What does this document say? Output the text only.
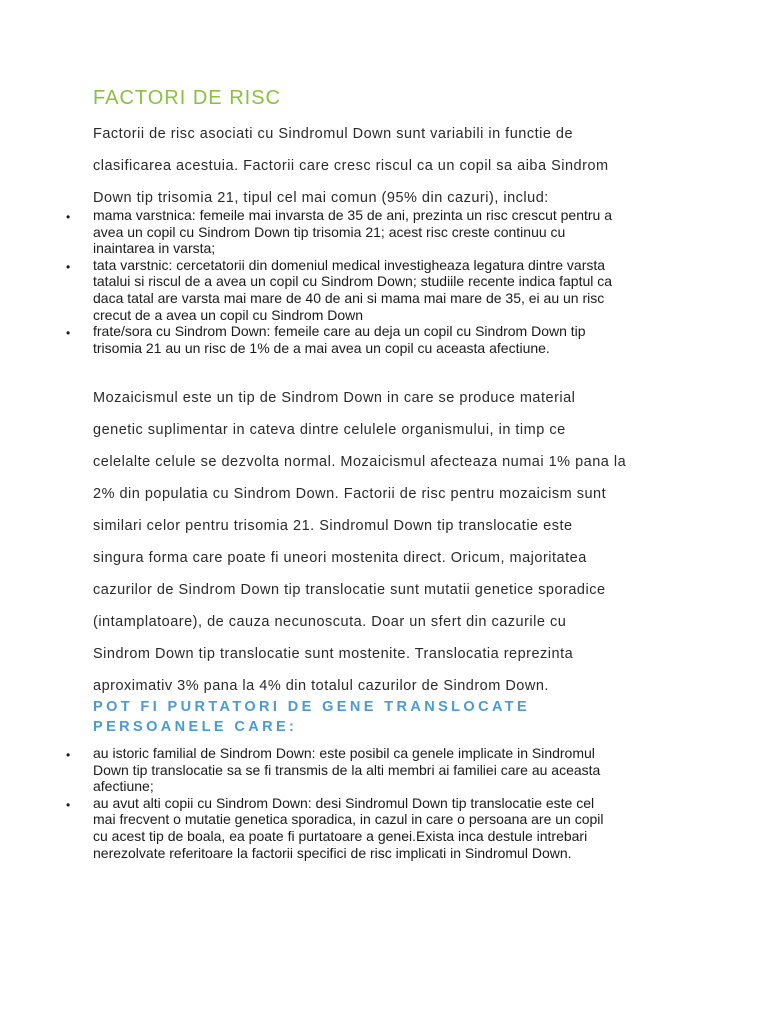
FACTORI DE RISC

Factorii de risc asociati cu Sindromul Down sunt variabili in functie de
clasificarea acestuia. Factorii care cresc riscul ca un copil sa aiba Sindrom
Down tip trisomia 21, tipul cel mai comun (95% din cazuri), includ:

• mama varstnica: femeile mai invarsta de 35 de ani, prezinta un risc crescut pentru a
avea un copil cu Sindrom Down tip trisomia 21; acest risc creste continuu cu
inaintarea in varsta;
• tata varstnic: cercetatorii din domeniul medical investigheaza legatura dintre varsta
tatalui si riscul de a avea un copil cu Sindrom Down; studiile recente indica faptul ca
daca tatal are varsta mai mare de 40 de ani si mama mai mare de 35, ei au un risc
crecut de a avea un copil cu Sindrom Down
• frate/sora cu Sindrom Down: femeile care au deja un copil cu Sindrom Down tip
trisomia 21 au un risc de 1% de a mai avea un copil cu aceasta afectiune.

Mozaicismul este un tip de Sindrom Down in care se produce material
genetic suplimentar in cateva dintre celulele organismului, in timp ce
celelalte celule se dezvolta normal. Mozaicismul afecteaza numai 1% pana la
2% din populatia cu Sindrom Down. Factorii de risc pentru mozaicism sunt
similari celor pentru trisomia 21. Sindromul Down tip translocatie este
singura forma care poate fi uneori mostenita direct. Oricum, majoritatea
cazurilor de Sindrom Down tip translocatie sunt mutatii genetice sporadice
(intamplatoare), de cauza necunoscuta. Doar un sfert din cazurile cu
Sindrom Down tip translocatie sunt mostenite. Translocatia reprezinta
aproximativ 3% pana la 4% din totalul cazurilor de Sindrom Down.

POT FI PURTATORI DE GENE TRANSLOCATE
PERSOANELE CARE:
• au istoric familial de Sindrom Down: este posibil ca genele implicate in Sindromul
Down tip translocatie sa se fi transmis de la alti membri ai familiei care au aceasta
afectiune;
• au avut alti copii cu Sindrom Down: desi Sindromul Down tip translocatie este cel
mai frecvent o mutatie genetica sporadica, in cazul in care o persoana are un copil
cu acest tip de boala, ea poate fi purtatoare a genei.Exista inca destule intrebari
nerezolvate referitoare la factorii specifici de risc implicati in Sindromul Down.
